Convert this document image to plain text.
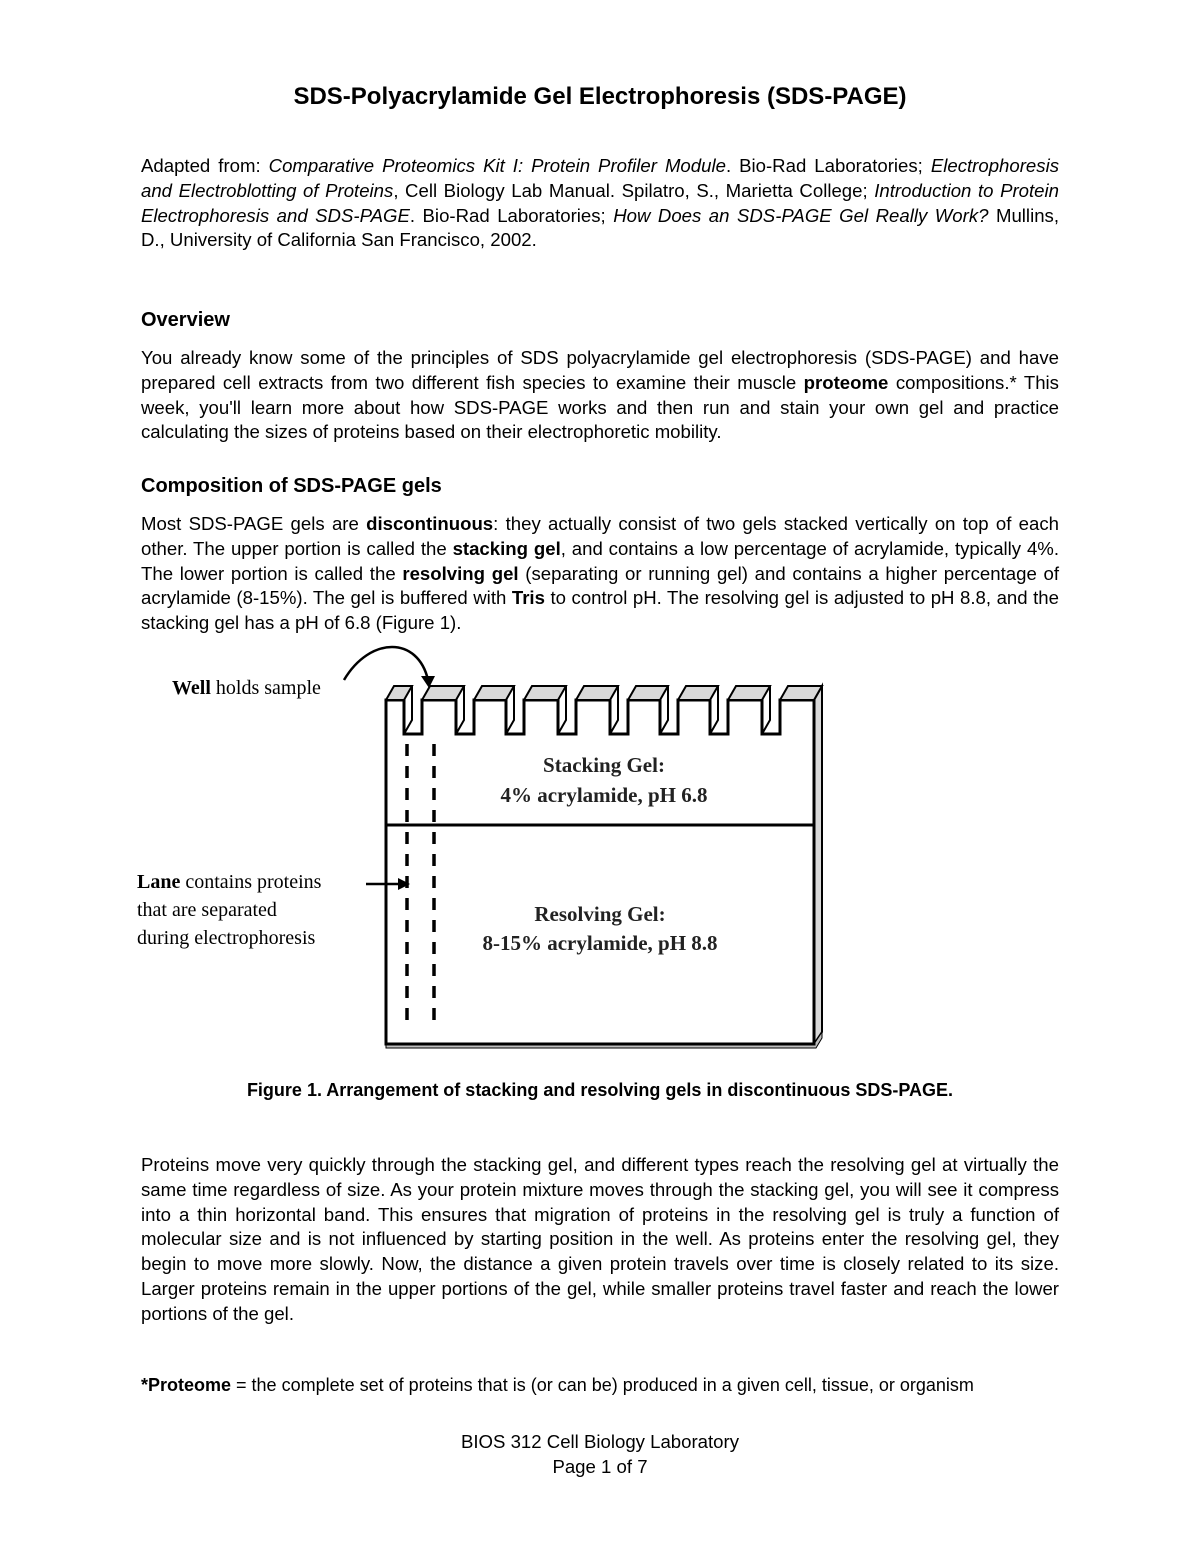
SDS-Polyacrylamide Gel Electrophoresis (SDS-PAGE)
Adapted from: Comparative Proteomics Kit I: Protein Profiler Module. Bio-Rad Laboratories; Electrophoresis and Electroblotting of Proteins, Cell Biology Lab Manual. Spilatro, S., Marietta College; Introduction to Protein Electrophoresis and SDS-PAGE. Bio-Rad Laboratories; How Does an SDS-PAGE Gel Really Work? Mullins, D., University of California San Francisco, 2002.
Overview
You already know some of the principles of SDS polyacrylamide gel electrophoresis (SDS-PAGE) and have prepared cell extracts from two different fish species to examine their muscle proteome compositions.* This week, you'll learn more about how SDS-PAGE works and then run and stain your own gel and practice calculating the sizes of proteins based on their electrophoretic mobility.
Composition of SDS-PAGE gels
Most SDS-PAGE gels are discontinuous: they actually consist of two gels stacked vertically on top of each other. The upper portion is called the stacking gel, and contains a low percentage of acrylamide, typically 4%. The lower portion is called the resolving gel (separating or running gel) and contains a higher percentage of acrylamide (8-15%). The gel is buffered with Tris to control pH. The resolving gel is adjusted to pH 8.8, and the stacking gel has a pH of 6.8 (Figure 1).
Well holds sample
Lane contains proteins
that are separated
during electrophoresis
Stacking Gel:
4% acrylamide, pH 6.8
Resolving Gel:
8-15% acrylamide, pH 8.8
Figure 1. Arrangement of stacking and resolving gels in discontinuous SDS-PAGE.
Proteins move very quickly through the stacking gel, and different types reach the resolving gel at virtually the same time regardless of size. As your protein mixture moves through the stacking gel, you will see it compress into a thin horizontal band. This ensures that migration of proteins in the resolving gel is truly a function of molecular size and is not influenced by starting position in the well. As proteins enter the resolving gel, they begin to move more slowly. Now, the distance a given protein travels over time is closely related to its size. Larger proteins remain in the upper portions of the gel, while smaller proteins travel faster and reach the lower portions of the gel.
*Proteome = the complete set of proteins that is (or can be) produced in a given cell, tissue, or organism
BIOS 312 Cell Biology Laboratory
Page 1 of 7
